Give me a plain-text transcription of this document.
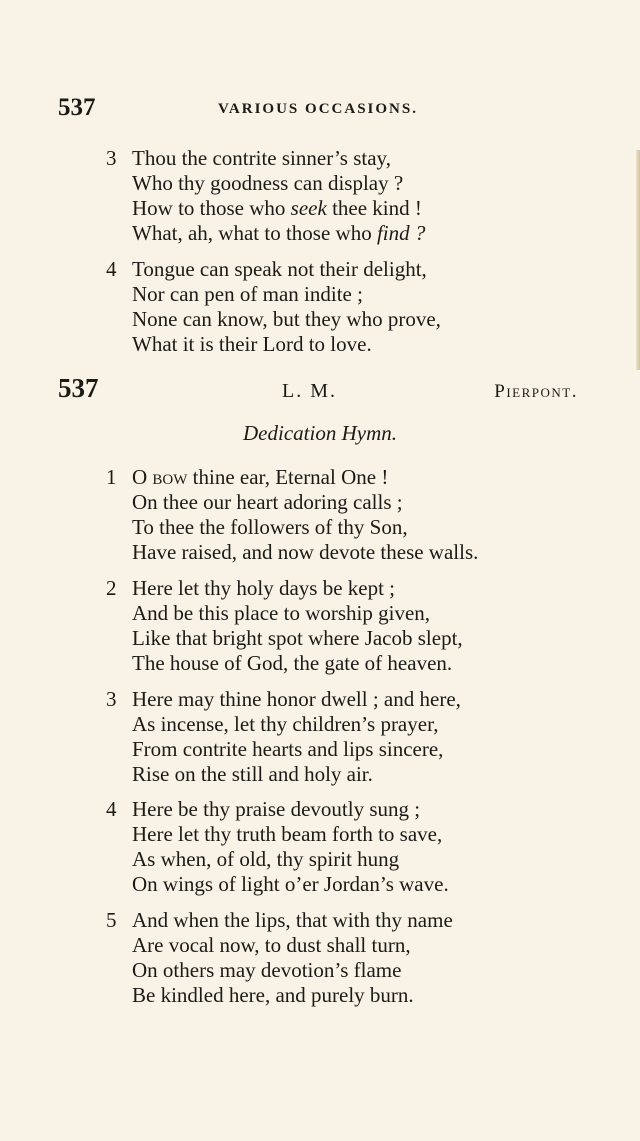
537	VARIOUS OCCASIONS.
3 Thou the contrite sinner’s stay,
Who thy goodness can display ?
How to those who seek thee kind !
What, ah, what to those who find ?
4 Tongue can speak not their delight,
Nor can pen of man indite ;
None can know, but they who prove,
What it is their Lord to love.
537	L. M.	Pierpont.
Dedication Hymn.
1 O bow thine ear, Eternal One !
On thee our heart adoring calls ;
To thee the followers of thy Son,
Have raised, and now devote these walls.
2 Here let thy holy days be kept ;
And be this place to worship given,
Like that bright spot where Jacob slept,
The house of God, the gate of heaven.
3 Here may thine honor dwell ; and here,
As incense, let thy children’s prayer,
From contrite hearts and lips sincere,
Rise on the still and holy air.
4 Here be thy praise devoutly sung ;
Here let thy truth beam forth to save,
As when, of old, thy spirit hung
On wings of light o’er Jordan’s wave.
5 And when the lips, that with thy name
Are vocal now, to dust shall turn,
On others may devotion’s flame
Be kindled here, and purely burn.
